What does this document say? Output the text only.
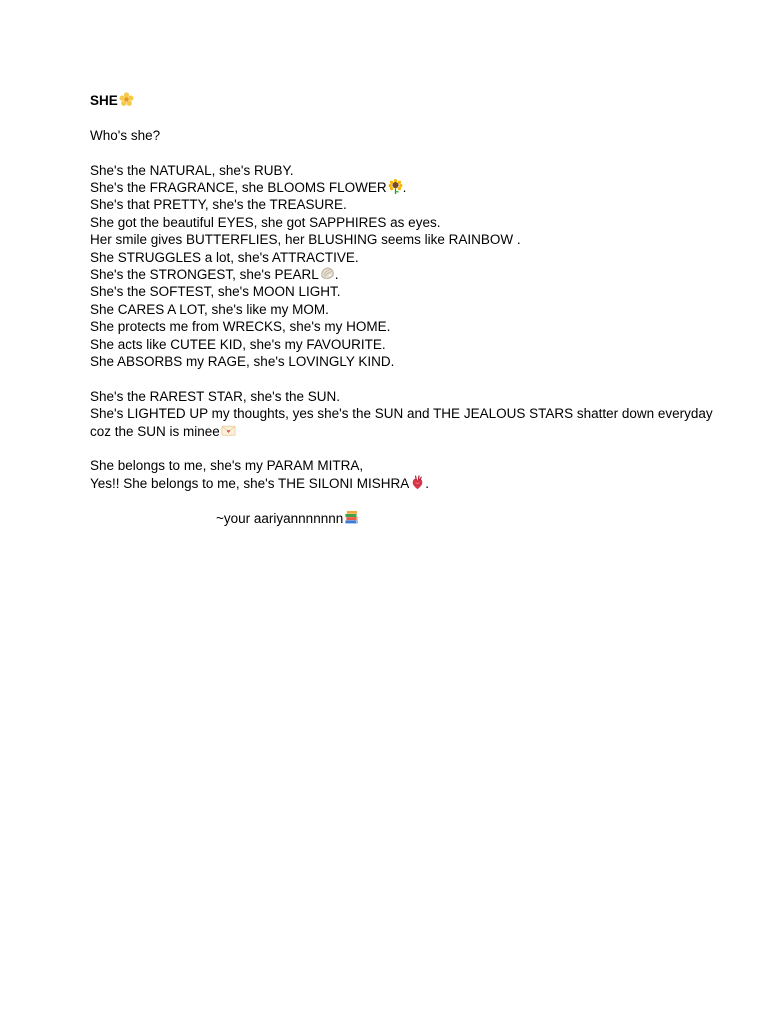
SHE
Who's she?
She's the NATURAL, she's RUBY.
She's the FRAGRANCE, she BLOOMS FLOWER .
She's that PRETTY, she's the TREASURE.
She got the beautiful EYES, she got SAPPHIRES as eyes.
Her smile gives BUTTERFLIES, her BLUSHING seems like RAINBOW .
She STRUGGLES a lot, she's ATTRACTIVE.
She's the STRONGEST, she's PEARL .
She's the SOFTEST, she's MOON LIGHT.
She CARES A LOT, she's like my MOM.
She protects me from WRECKS, she's my HOME.
She acts like CUTEE KID, she's my FAVOURITE.
She ABSORBS my RAGE, she's LOVINGLY KIND.
She's the RAREST STAR, she's the SUN.
She's LIGHTED UP my thoughts, yes she's the SUN and THE JEALOUS STARS shatter down everyday coz the SUN is minee
She belongs to me, she's my PARAM MITRA,
Yes!! She belongs to me, she's THE SILONI MISHRA .
~your aariyannnnnnn
